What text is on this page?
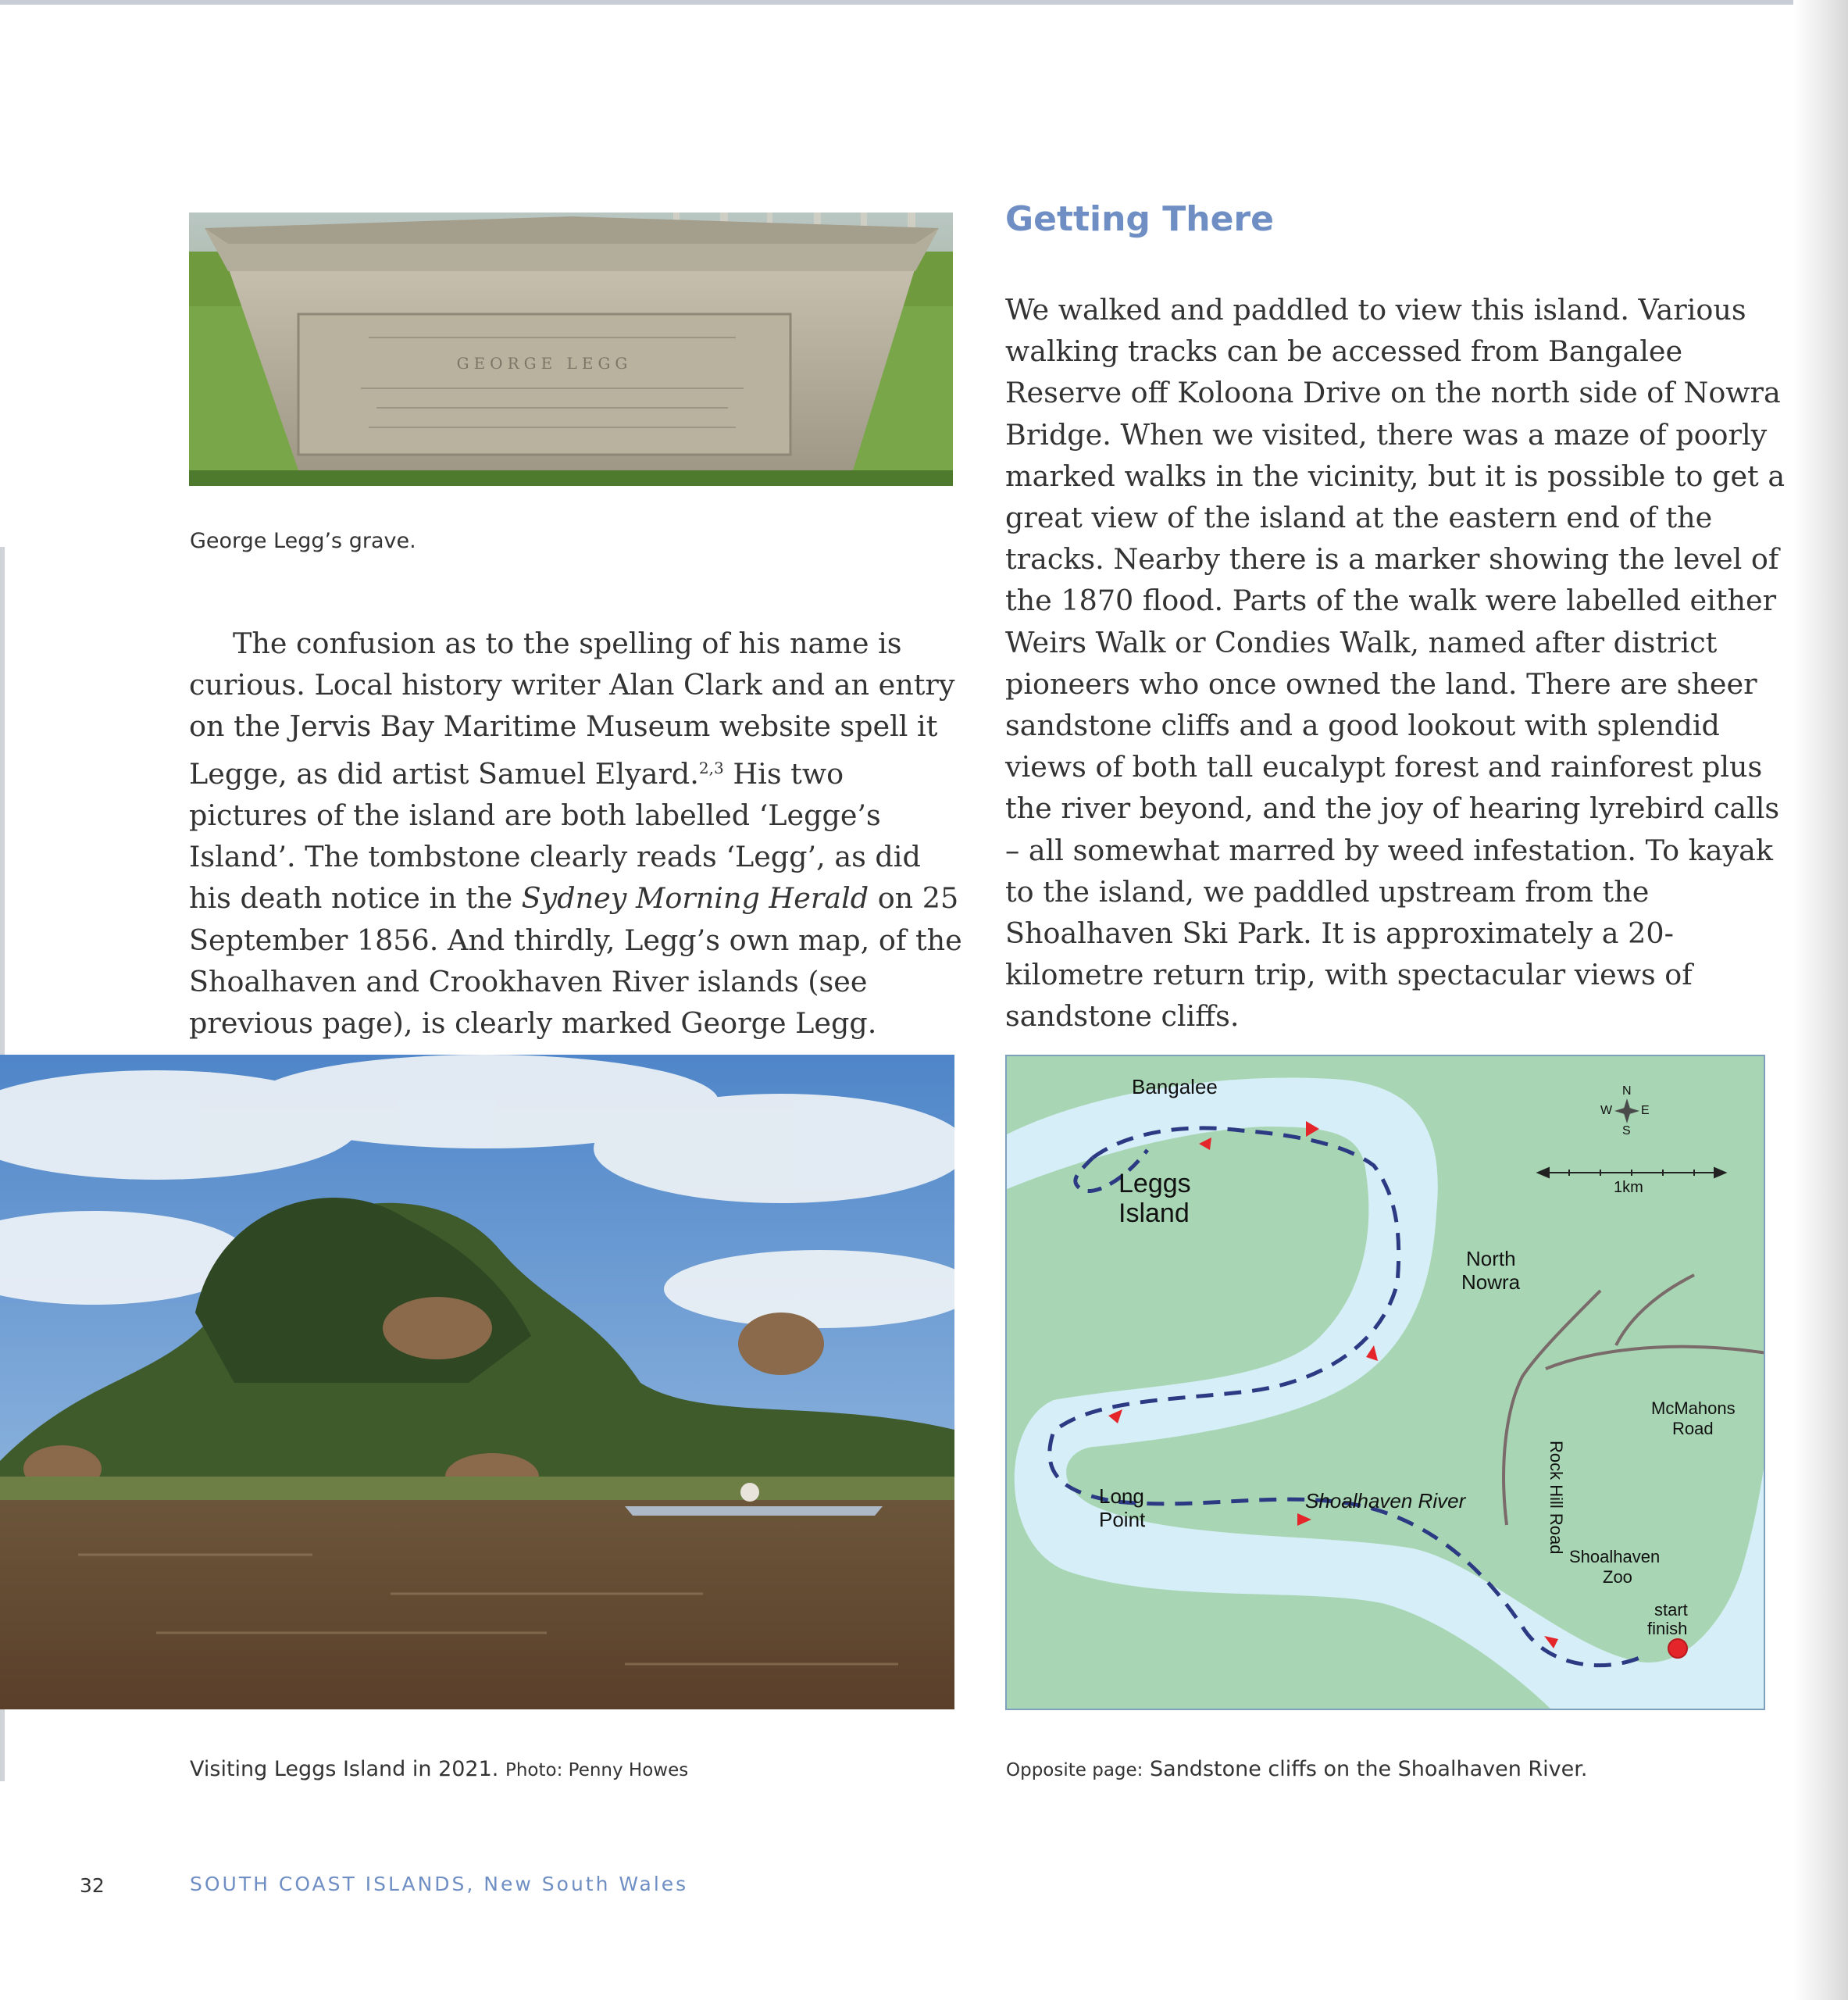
GEORGE LEGG
George Legg’s grave.

The confusion as to the spelling of his name is curious. Local history writer Alan Clark and an entry on the Jervis Bay Maritime Museum website spell it Legge, as did artist Samuel Elyard.$^{2,3}$ His two pictures of the island are both labelled ‘Legge’s Island’. The tombstone clearly reads ‘Legg’, as did his death notice in the Sydney Morning Herald on 25 September 1856. And thirdly, Legg’s own map, of the Shoalhaven and Crookhaven River islands (see previous page), is clearly marked George Legg.

Getting There

We walked and paddled to view this island. Various walking tracks can be accessed from Bangalee Reserve off Koloona Drive on the north side of Nowra Bridge. When we visited, there was a maze of poorly marked walks in the vicinity, but it is possible to get a great view of the island at the eastern end of the tracks. Nearby there is a marker showing the level of the 1870 flood. Parts of the walk were labelled either Weirs Walk or Condies Walk, named after district pioneers who once owned the land. There are sheer sandstone cliffs and a good lookout with splendid views of both tall eucalypt forest and rainforest plus the river beyond, and the joy of hearing lyrebird calls – all somewhat marred by weed infestation. To kayak to the island, we paddled upstream from the Shoalhaven Ski Park. It is approximately a 20-kilometre return trip, with spectacular views of sandstone cliffs.

Visiting Leggs Island in 2021. Photo: Penny Howes
Bangalee
Leggs
Island
North
Nowra
McMahons
Road
Rock Hill Road
Long
Point
Shoalhaven River
Shoalhaven
Zoo
start
finish
N
S
E
W
1km
Opposite page: Sandstone cliffs on the Shoalhaven River.
32	SOUTH COAST ISLANDS, New South Wales
